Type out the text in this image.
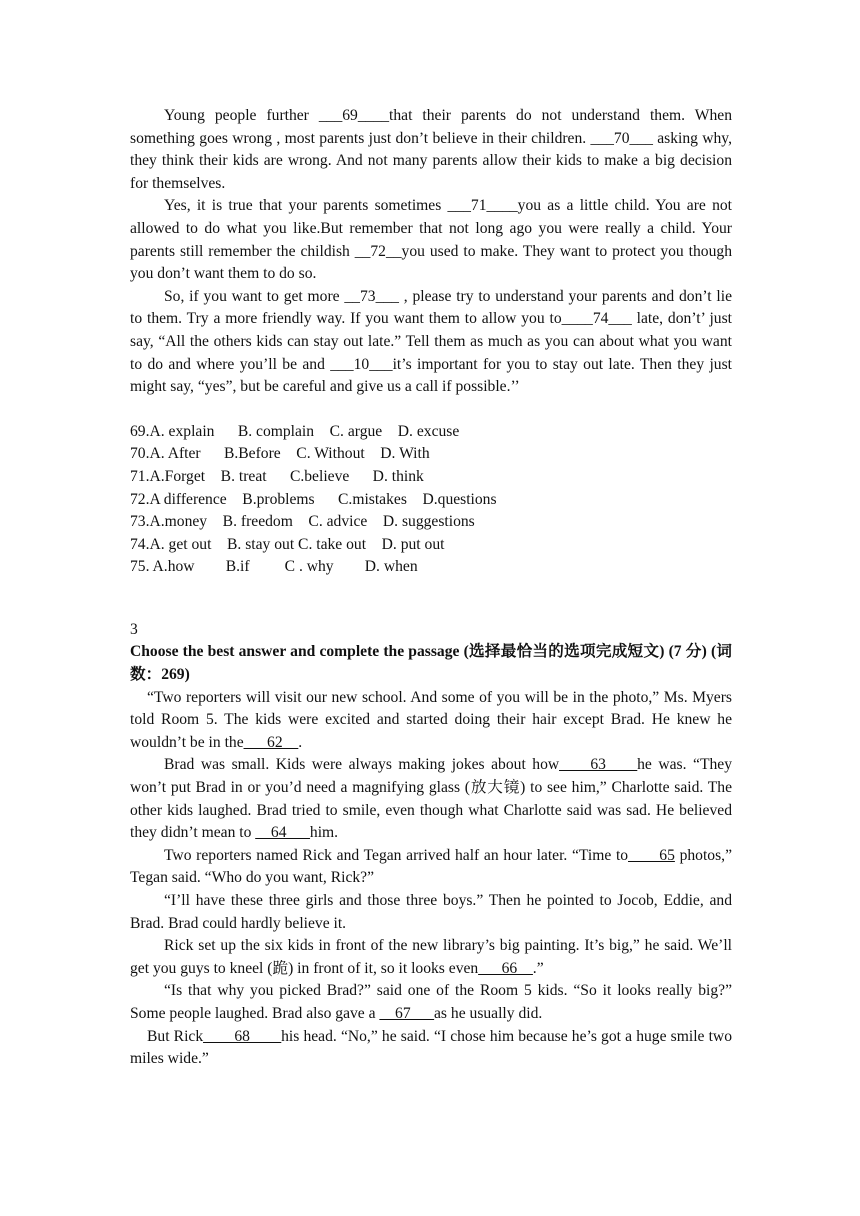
Young people further ___69____that their parents do not understand them. When something goes wrong , most parents just don’t believe in their children. ___70___ asking why, they think their kids are wrong. And not many parents allow their kids to make a big decision for themselves.

Yes, it is true that your parents sometimes ___71____you as a little child. You are not allowed to do what you like.But remember that not long ago you were really a child. Your parents still remember the childish __72__you used to make. They want to protect you though you don’t want them to do so.

So, if you want to get more __73___ , please try to understand your parents and don’t lie to them. Try a more friendly way. If you want them to allow you to____74___ late, don’t’ just say, “All the others kids can stay out late.” Tell them as much as you can about what you want to do and where you’ll be and ___10___it’s important for you to stay out late. Then they just might say, “yes”, but be careful and give us a call if possible.’’

69.A. explain      B. complain    C. argue    D. excuse
70.A. After      B.Before    C. Without    D. With
71.A.Forget    B. treat      C.believe      D. think
72.A difference    B.problems      C.mistakes    D.questions
73.A.money    B. freedom    C. advice    D. suggestions
74.A. get out    B. stay out C. take out    D. put out
75. A.how        B.if         C . why        D. when
3

Choose the best answer and complete the passage (选择最恰当的选项完成短文) (7 分) (词数：269)

“Two reporters will visit our new school. And some of you will be in the photo,” Ms. Myers told Room 5. The kids were excited and started doing their hair except Brad. He knew he wouldn’t be in the___62__.

Brad was small. Kids were always making jokes about how____63____he was. “They won’t put Brad in or you’d need a magnifying glass (放大镜) to see him,” Charlotte said. The other kids laughed. Brad tried to smile, even though what Charlotte said was sad. He believed they didn’t mean to __64___him.

Two reporters named Rick and Tegan arrived half an hour later. “Time to____65 photos,” Tegan said. “Who do you want, Rick?”

“I’ll have these three girls and those three boys.” Then he pointed to Jocob, Eddie, and Brad. Brad could hardly believe it.

Rick set up the six kids in front of the new library’s big painting. It’s big,” he said. We’ll get you guys to kneel (跪) in front of it, so it looks even___66__.”

“Is that why you picked Brad?” said one of the Room 5 kids. “So it looks really big?” Some people laughed. Brad also gave a __67___as he usually did.

But Rick____68____his head. “No,” he said. “I chose him because he’s got a huge smile two miles wide.”
